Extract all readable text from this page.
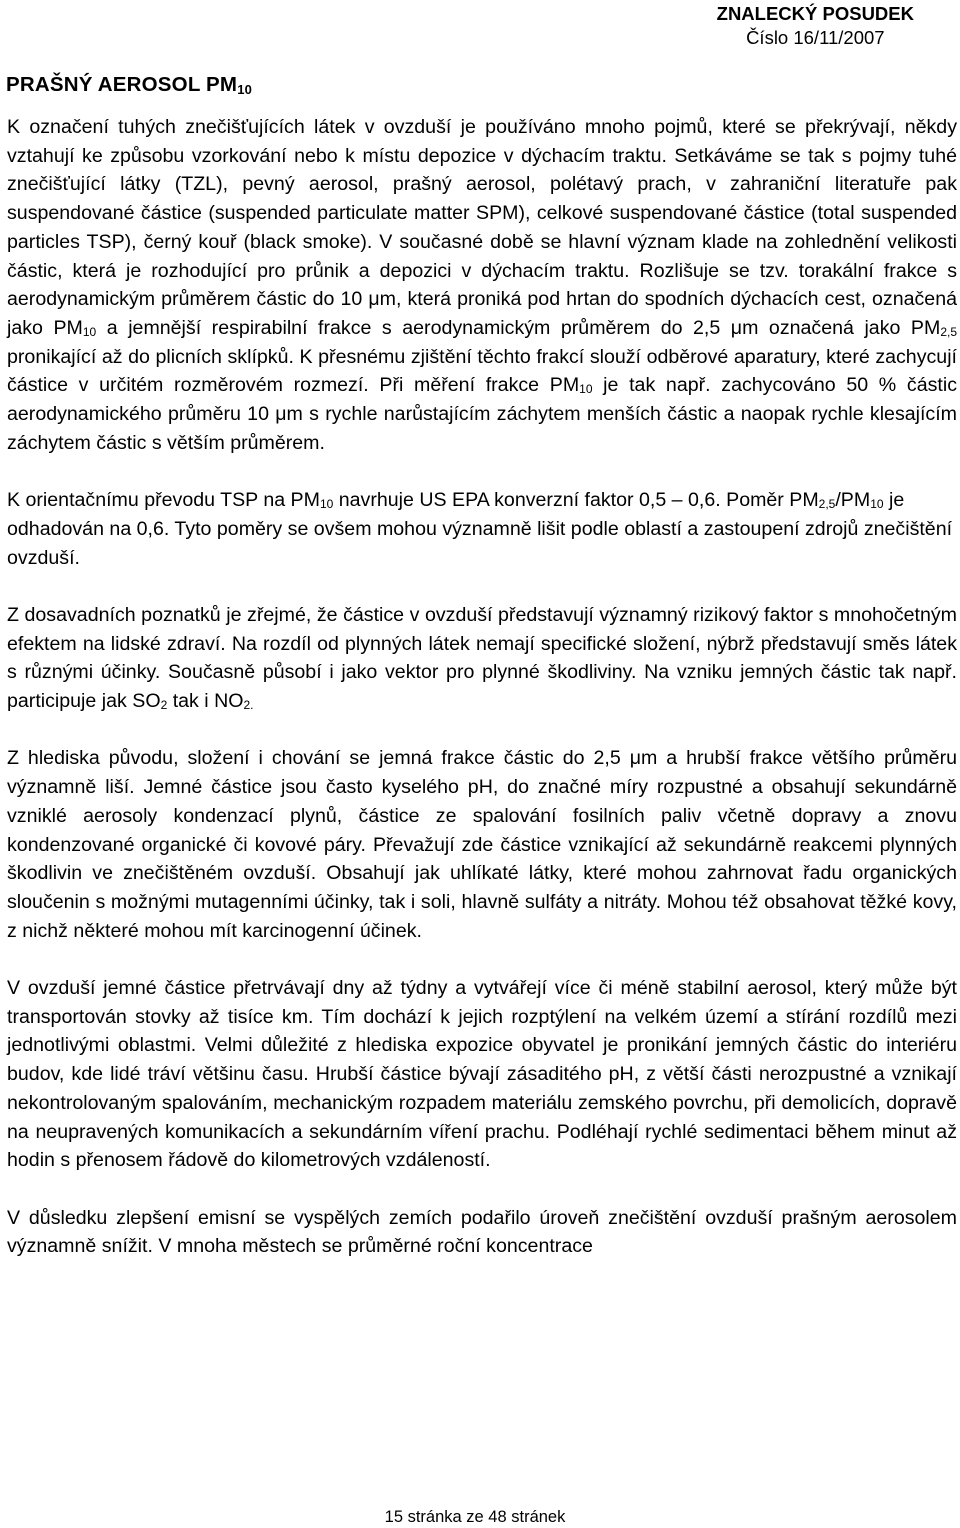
ZNALECKÝ POSUDEK
Číslo 16/11/2007
PRAŠNÝ AEROSOL $PM_{10}$

K označení tuhých znečišťujících látek v ovzduší je používáno mnoho pojmů, které se překrývají, někdy vztahují ke způsobu vzorkování nebo k místu depozice v dýchacím traktu. Setkáváme se tak s pojmy tuhé znečišťující látky (TZL), pevný aerosol, prašný aerosol, polétavý prach, v zahraniční literatuře pak suspendované částice (suspended particulate matter SPM), celkové suspendované částice (total suspended particles TSP), černý kouř (black smoke). V současné době se hlavní význam klade na zohlednění velikosti částic, která je rozhodující pro průnik a depozici v dýchacím traktu. Rozlišuje se tzv. torakální frakce s aerodynamickým průměrem částic do 10 μm, která proniká pod hrtan do spodních dýchacích cest, označená jako $PM_{10}$ a jemnější respirabilní frakce s aerodynamickým průměrem do 2,5 μm označená jako $PM_{2,5}$ pronikající až do plicních sklípků. K přesnému zjištění těchto frakcí slouží odběrové aparatury, které zachycují částice v určitém rozměrovém rozmezí. Při měření frakce $PM_{10}$ je tak např. zachycováno 50 % částic aerodynamického průměru 10 μm s rychle narůstajícím záchytem menších částic a naopak rychle klesajícím záchytem částic s větším průměrem.

K orientačnímu převodu TSP na $PM_{10}$ navrhuje US EPA konverzní faktor 0,5 – 0,6. Poměr $PM_{2,5}/PM_{10}$ je odhadován na 0,6. Tyto poměry se ovšem mohou významně lišit podle oblastí a zastoupení zdrojů znečištění ovzduší.

Z dosavadních poznatků je zřejmé, že částice v ovzduší představují významný rizikový faktor s mnohočetným efektem na lidské zdraví. Na rozdíl od plynných látek nemají specifické složení, nýbrž představují směs látek s různými účinky. Současně působí i jako vektor pro plynné škodliviny. Na vzniku jemných částic tak např. participuje jak $SO_2$ tak i $NO_{2.}$

Z hlediska původu, složení i chování se jemná frakce částic do 2,5 μm a hrubší frakce většího průměru významně liší. Jemné částice jsou často kyselého pH, do značné míry rozpustné a obsahují sekundárně vzniklé aerosoly kondenzací plynů, částice ze spalování fosilních paliv včetně dopravy a znovu kondenzované organické či kovové páry. Převažují zde částice vznikající až sekundárně reakcemi plynných škodlivin ve znečištěném ovzduší. Obsahují jak uhlíkaté látky, které mohou zahrnovat řadu organických sloučenin s možnými mutagenními účinky, tak i soli, hlavně sulfáty a nitráty. Mohou též obsahovat těžké kovy, z nichž některé mohou mít karcinogenní účinek.

V ovzduší jemné částice přetrvávají dny až týdny a vytvářejí více či méně stabilní aerosol, který může být transportován stovky až tisíce km. Tím dochází k jejich rozptýlení na velkém území a stírání rozdílů mezi jednotlivými oblastmi. Velmi důležité z hlediska expozice obyvatel je pronikání jemných částic do interiéru budov, kde lidé tráví většinu času. Hrubší částice bývají zásaditého pH, z větší části nerozpustné a vznikají nekontrolovaným spalováním, mechanickým rozpadem materiálu zemského povrchu, při demolicích, dopravě na neupravených komunikacích a sekundárním víření prachu. Podléhají rychlé sedimentaci během minut až hodin s přenosem řádově do kilometrových vzdáleností.

V důsledku zlepšení emisní se vyspělých zemích podařilo úroveň znečištění ovzduší prašným aerosolem významně snížit. V mnoha městech se průměrné roční koncentrace

15 stránka ze 48 stránek
